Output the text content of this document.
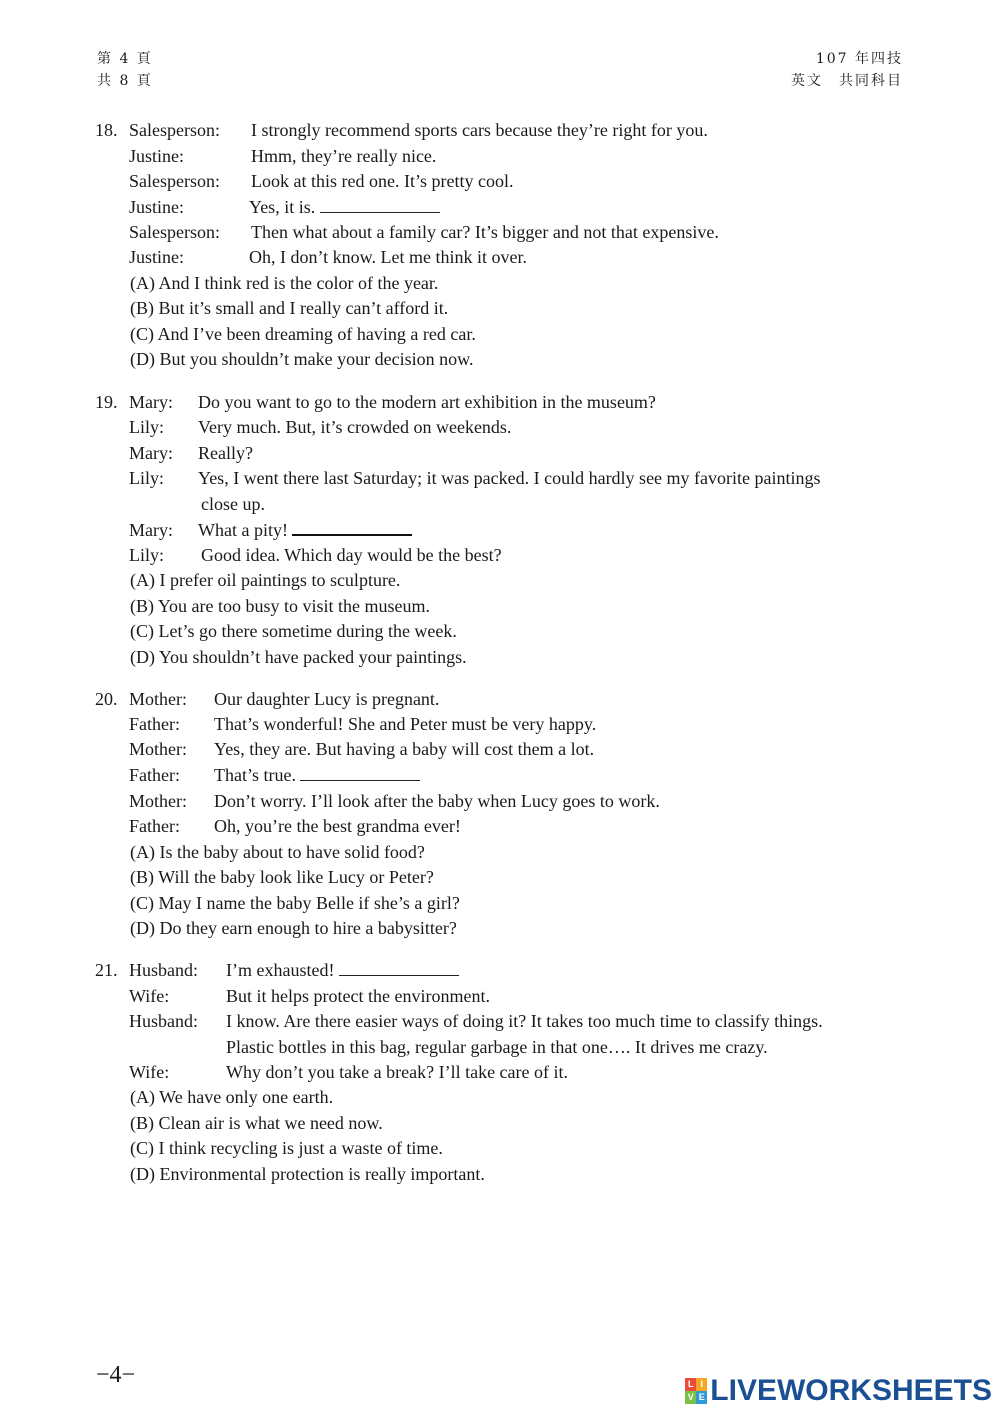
第 4 頁
共 8 頁
107 年四技
英文　共同科目
18. Salesperson: I strongly recommend sports cars because they’re right for you.
Justine:	Hmm, they’re really nice.
Salesperson: Look at this red one. It’s pretty cool.
Justine:	Yes, it is.
Salesperson: Then what about a family car? It’s bigger and not that expensive.
Justine:	Oh, I don’t know. Let me think it over.
(A) And I think red is the color of the year.
(B) But it’s small and I really can’t afford it.
(C) And I’ve been dreaming of having a red car.
(D) But you shouldn’t make your decision now.
19. Mary: Do you want to go to the modern art exhibition in the museum?
Lily: Very much. But, it’s crowded on weekends.
Mary: Really?
Lily: Yes, I went there last Saturday; it was packed. I could hardly see my favorite paintings
close up.
Mary: What a pity!
Lily: Good idea. Which day would be the best?
(A) I prefer oil paintings to sculpture.
(B) You are too busy to visit the museum.
(C) Let’s go there sometime during the week.
(D) You shouldn’t have packed your paintings.
20. Mother: Our daughter Lucy is pregnant.
Father: That’s wonderful! She and Peter must be very happy.
Mother: Yes, they are. But having a baby will cost them a lot.
Father: That’s true.
Mother: Don’t worry. I’ll look after the baby when Lucy goes to work.
Father: Oh, you’re the best grandma ever!
(A) Is the baby about to have solid food?
(B) Will the baby look like Lucy or Peter?
(C) May I name the baby Belle if she’s a girl?
(D) Do they earn enough to hire a babysitter?
21. Husband: I’m exhausted!
Wife:	But it helps protect the environment.
Husband: I know. Are there easier ways of doing it? It takes too much time to classify things.
Plastic bottles in this bag, regular garbage in that one…. It drives me crazy.
Wife:	Why don’t you take a break? I’ll take care of it.
(A) We have only one earth.
(B) Clean air is what we need now.
(C) I think recycling is just a waste of time.
(D) Environmental protection is really important.
−4−	L I
V E LIVEWORKSHEETS
